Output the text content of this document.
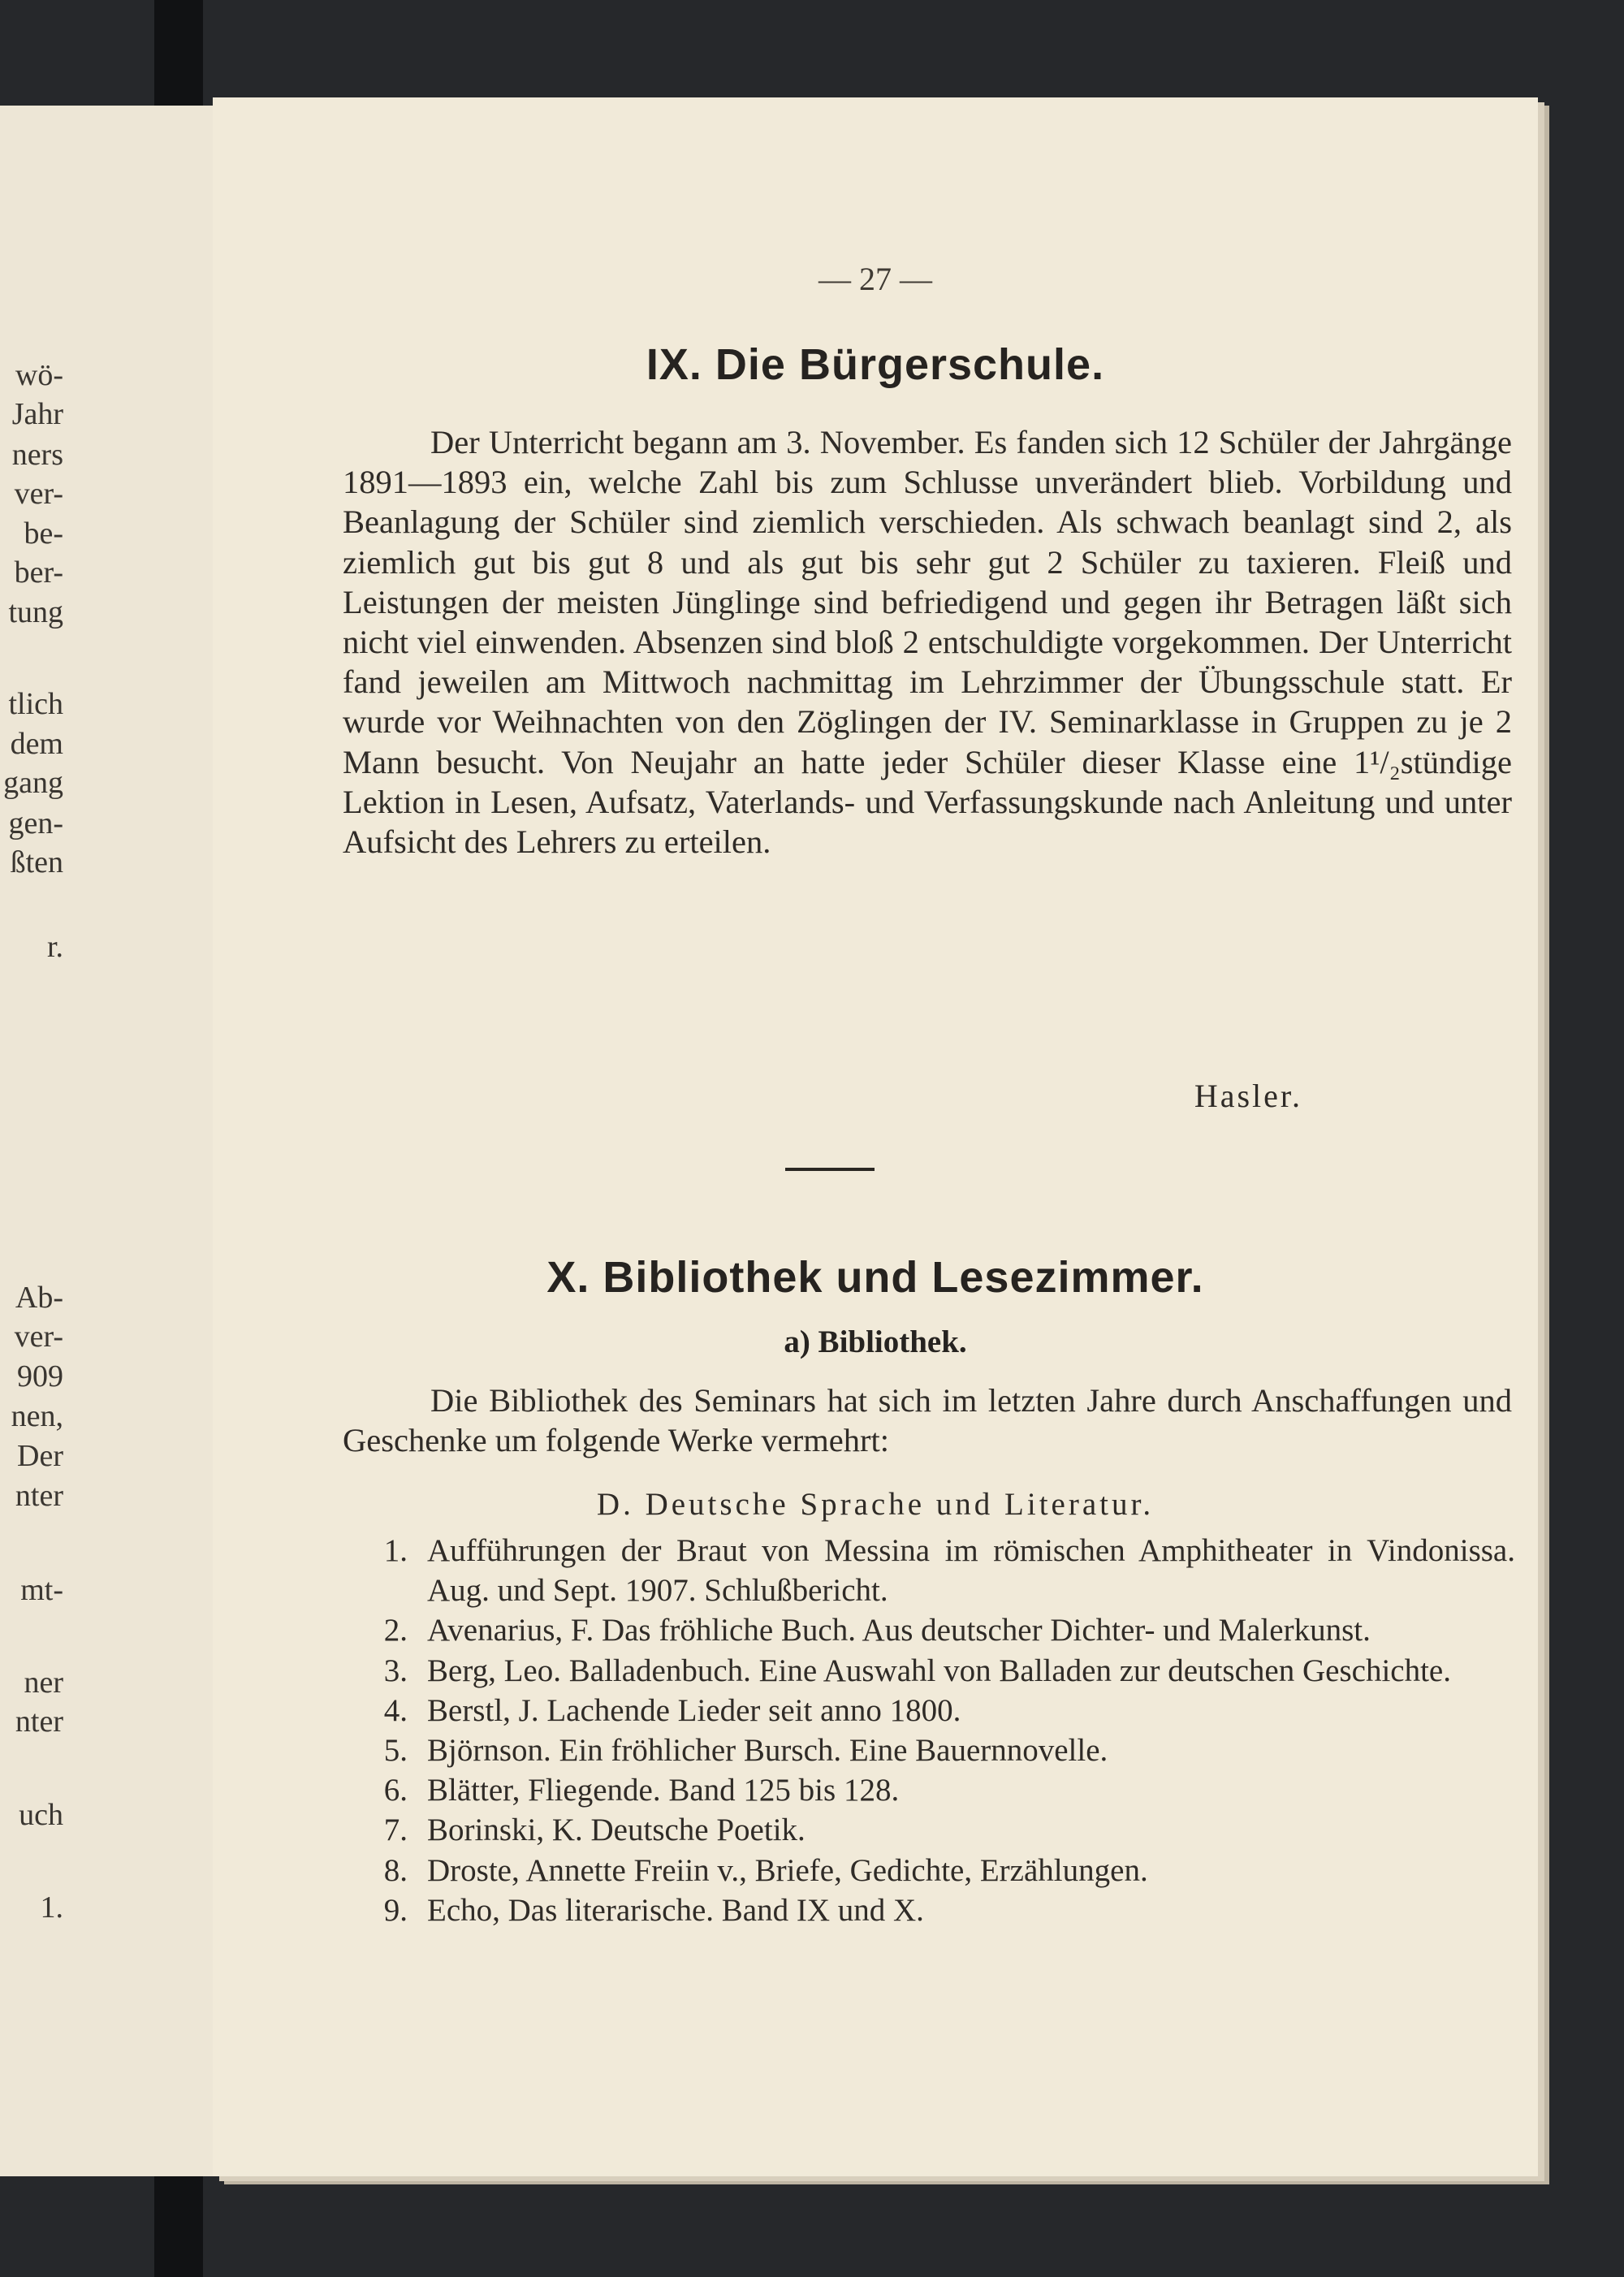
wö-
Jahr
ners
ver-
be-
ber-
tung
tlich
dem
gang
gen-
ßten
r.
Ab-
ver-
909
nen,
Der
nter
mt-
ner
nter
uch
1.
— 27 —
IX. Die Bürgerschule.
Der Unterricht begann am 3. November. Es fanden sich 12 Schüler der Jahrgänge 1891—1893 ein, welche Zahl bis zum Schlusse unverändert blieb. Vorbildung und Beanlagung der Schüler sind ziemlich verschieden. Als schwach beanlagt sind 2, als ziemlich gut bis gut 8 und als gut bis sehr gut 2 Schüler zu taxieren. Fleiß und Leistungen der meisten Jünglinge sind befriedigend und gegen ihr Betragen läßt sich nicht viel einwenden. Absenzen sind bloß 2 entschuldigte vorgekommen. Der Unterricht fand jeweilen am Mittwoch nachmittag im Lehrzimmer der Übungsschule statt. Er wurde vor Weihnachten von den Zöglingen der IV. Seminarklasse in Gruppen zu je 2 Mann besucht. Von Neujahr an hatte jeder Schüler dieser Klasse eine 1¹/₂stündige Lektion in Lesen, Aufsatz, Vaterlands- und Verfassungskunde nach Anleitung und unter Aufsicht des Lehrers zu erteilen.
Hasler.
X. Bibliothek und Lesezimmer.
a) Bibliothek.
Die Bibliothek des Seminars hat sich im letzten Jahre durch Anschaffungen und Geschenke um folgende Werke vermehrt:
D. Deutsche Sprache und Literatur.
1. Aufführungen der Braut von Messina im römischen Amphitheater in Vindonissa. Aug. und Sept. 1907. Schlußbericht.
2. Avenarius, F. Das fröhliche Buch. Aus deutscher Dichter- und Malerkunst.
3. Berg, Leo. Balladenbuch. Eine Auswahl von Balladen zur deutschen Geschichte.
4. Berstl, J. Lachende Lieder seit anno 1800.
5. Björnson. Ein fröhlicher Bursch. Eine Bauernnovelle.
6. Blätter, Fliegende. Band 125 bis 128.
7. Borinski, K. Deutsche Poetik.
8. Droste, Annette Freiin v., Briefe, Gedichte, Erzählungen.
9. Echo, Das literarische. Band IX und X.
